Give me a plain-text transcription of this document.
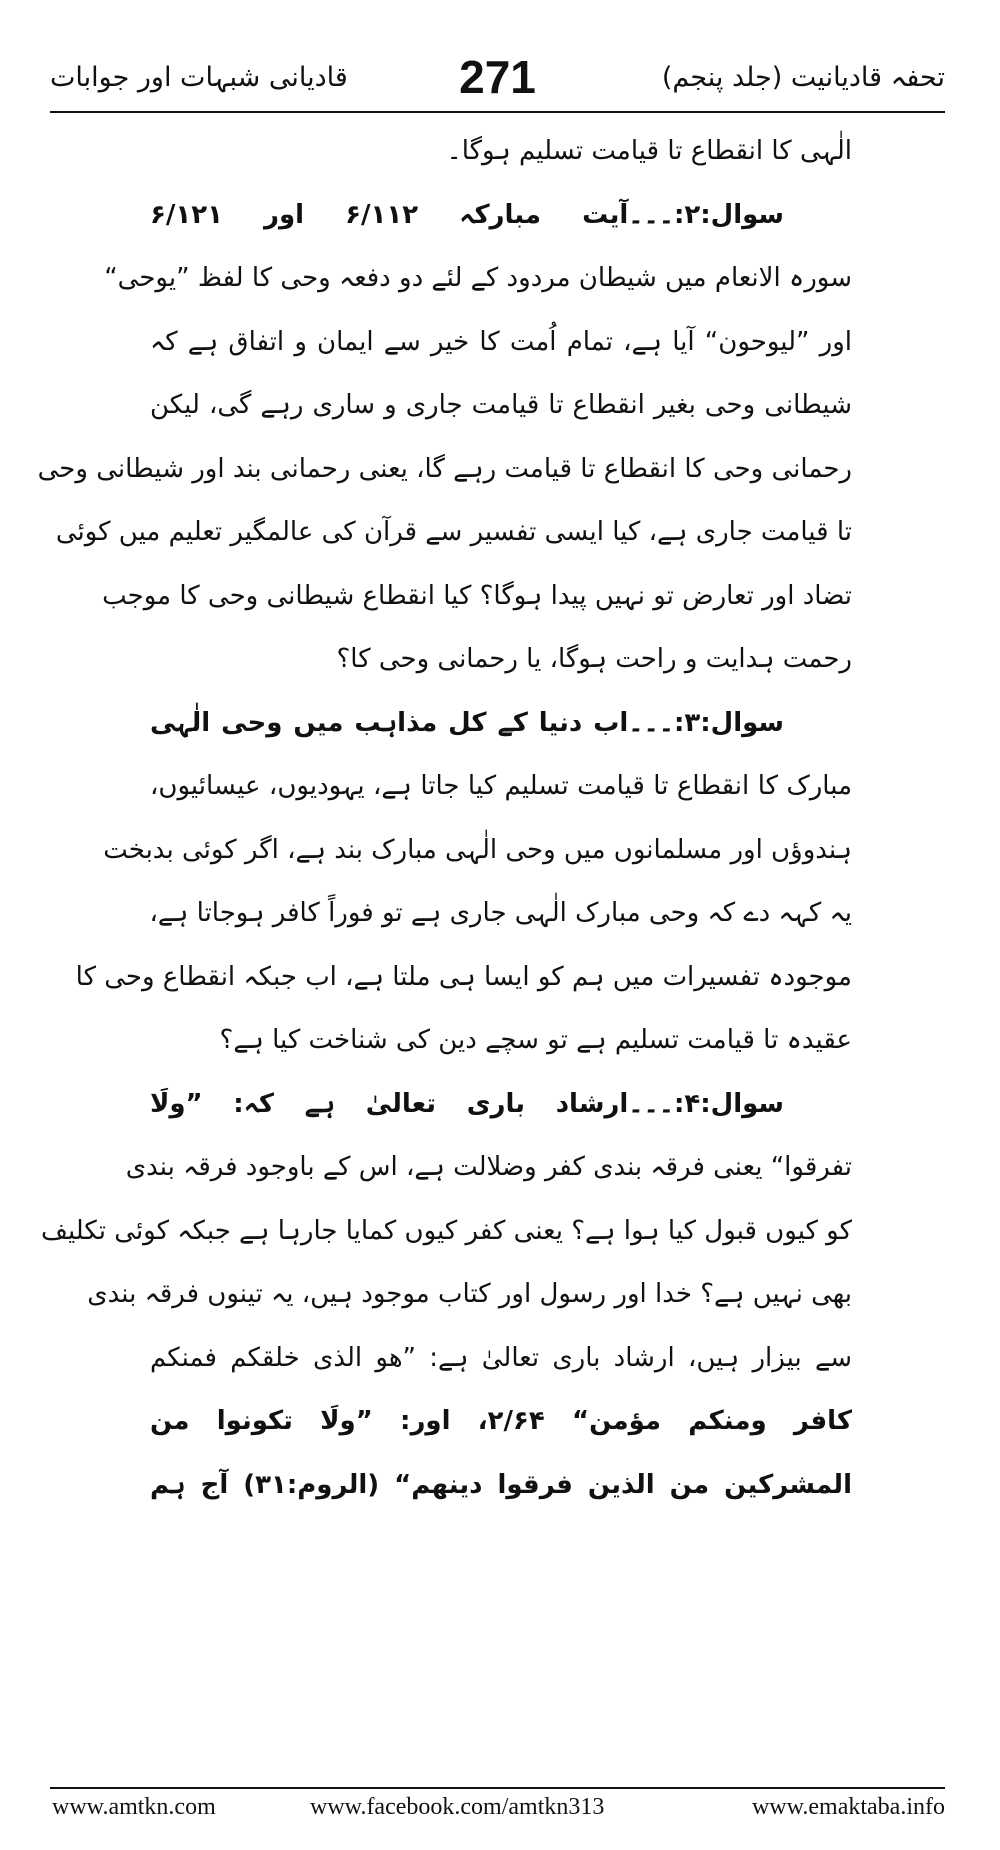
قادیانی شبہات اور جوابات	271	تحفہ قادیانیت (جلد پنجم)
الٰہی کا انقطاع تا قیامت تسلیم ہوگا۔
سوال:۲:۔۔۔آیت مبارکہ ۶/۱۱۲ اور ۶/۱۲۱
سورہ الانعام میں شیطان مردود کے لئے دو دفعہ وحی کا لفظ ”یوحی“
اور ”لیوحون“ آیا ہے، تمام اُمت کا خیر سے ایمان و اتفاق ہے کہ
شیطانی وحی بغیر انقطاع تا قیامت جاری و ساری رہے گی، لیکن
رحمانی وحی کا انقطاع تا قیامت رہے گا، یعنی رحمانی بند اور شیطانی وحی
تا قیامت جاری ہے، کیا ایسی تفسیر سے قرآن کی عالمگیر تعلیم میں کوئی
تضاد اور تعارض تو نہیں پیدا ہوگا؟ کیا انقطاع شیطانی وحی کا موجب
رحمت ہدایت و راحت ہوگا، یا رحمانی وحی کا؟
سوال:۳:۔۔۔اب دنیا کے کل مذاہب میں وحی الٰہی
مبارک کا انقطاع تا قیامت تسلیم کیا جاتا ہے، یہودیوں، عیسائیوں،
ہندوؤں اور مسلمانوں میں وحی الٰہی مبارک بند ہے، اگر کوئی بدبخت
یہ کہہ دے کہ وحی مبارک الٰہی جاری ہے تو فوراً کافر ہوجاتا ہے،
موجودہ تفسیرات میں ہم کو ایسا ہی ملتا ہے، اب جبکہ انقطاع وحی کا
عقیدہ تا قیامت تسلیم ہے تو سچے دین کی شناخت کیا ہے؟
سوال:۴:۔۔۔ارشاد باری تعالیٰ ہے کہ: ”ولَا
تفرقوا“ یعنی فرقہ بندی کفر وضلالت ہے، اس کے باوجود فرقہ بندی
کو کیوں قبول کیا ہوا ہے؟ یعنی کفر کیوں کمایا جارہا ہے جبکہ کوئی تکلیف
بھی نہیں ہے؟ خدا اور رسول اور کتاب موجود ہیں، یہ تینوں فرقہ بندی
سے بیزار ہیں، ارشاد باری تعالیٰ ہے: ”ھو الذی خلقکم فمنکم
کافر ومنکم مؤمن“ ۲/۶۴، اور: ”ولَا تکونوا من
المشرکین من الذین فرقوا دینھم“ (الروم:۳۱) آج ہم
www.amtkn.com	www.facebook.com/amtkn313	www.emaktaba.info
